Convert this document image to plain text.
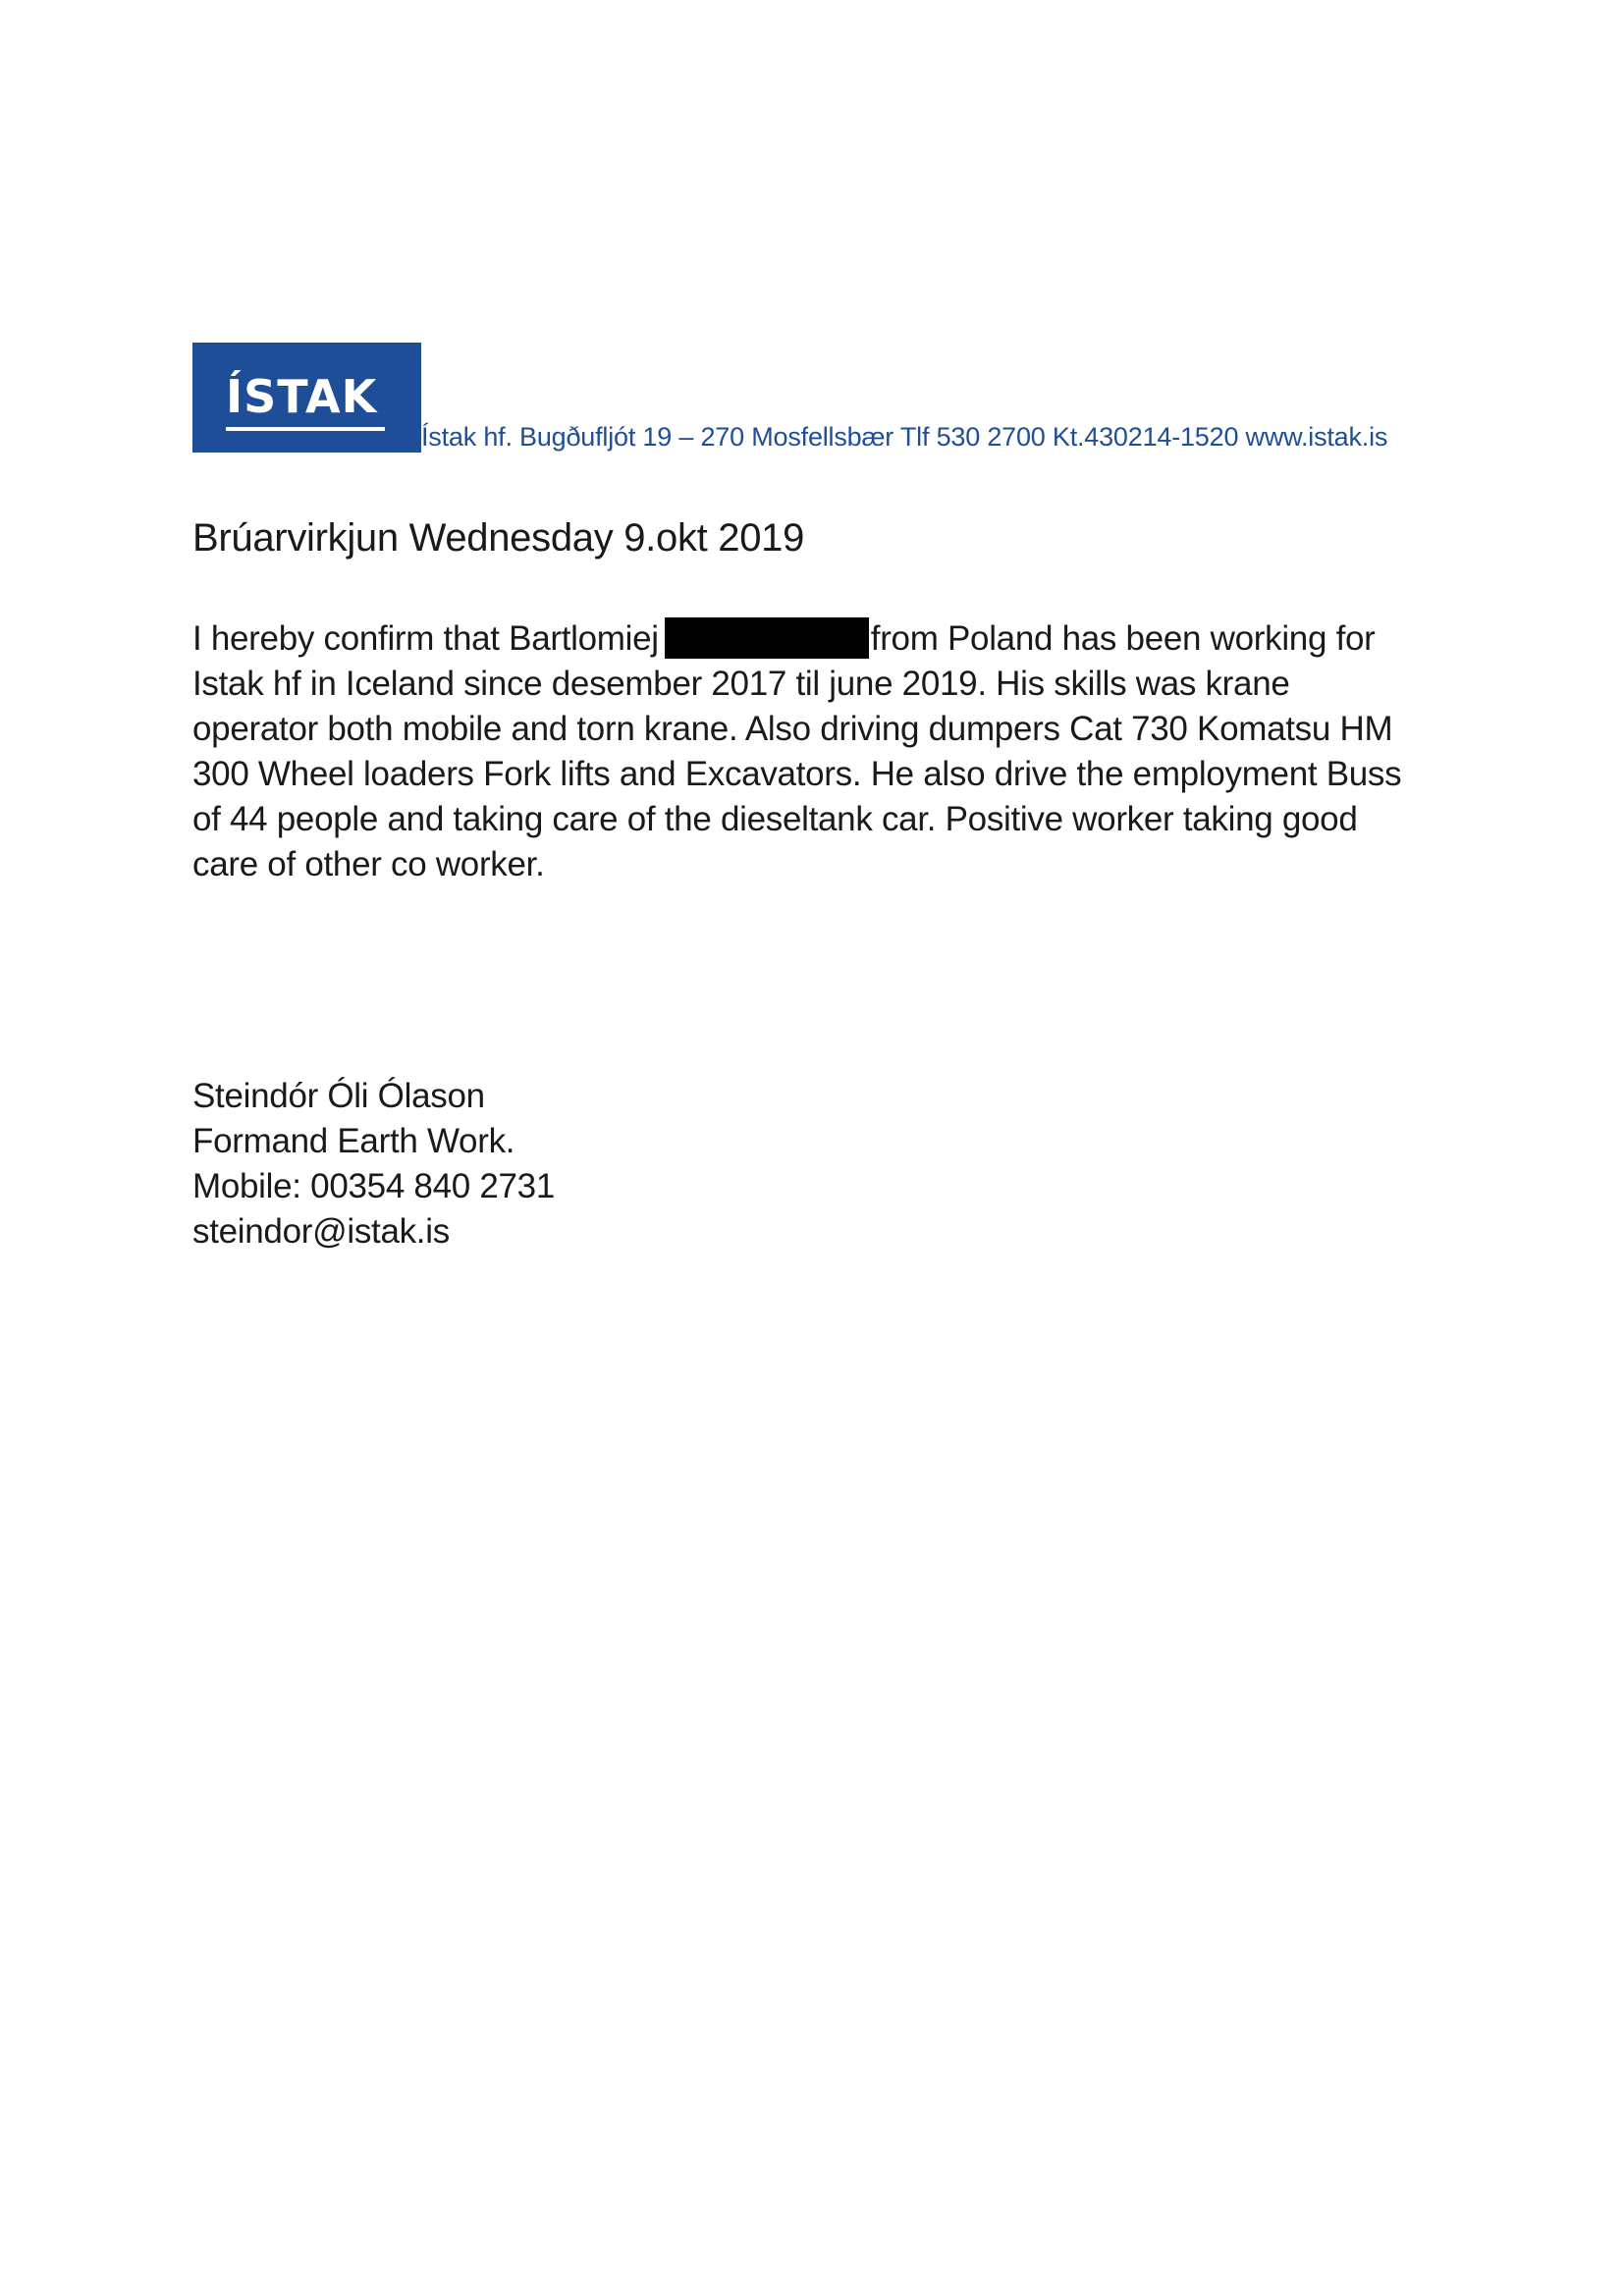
ÍSTAK
Ístak hf. Bugðufljót 19 – 270 Mosfellsbær Tlf 530 2700 Kt.430214-1520 www.istak.is
Brúarvirkjun Wednesday 9.okt 2019
I hereby confirm that Bartlomiej	from Poland has been working for
Istak hf in Iceland since desember 2017 til june 2019. His skills was krane
operator both mobile and torn krane. Also driving dumpers Cat 730 Komatsu HM
300 Wheel loaders Fork lifts and Excavators. He also drive the employment Buss
of 44 people and taking care of the dieseltank car. Positive worker taking good
care of other co worker.
Steindór Óli Ólason
Formand Earth Work.
Mobile: 00354 840 2731
steindor@istak.is
